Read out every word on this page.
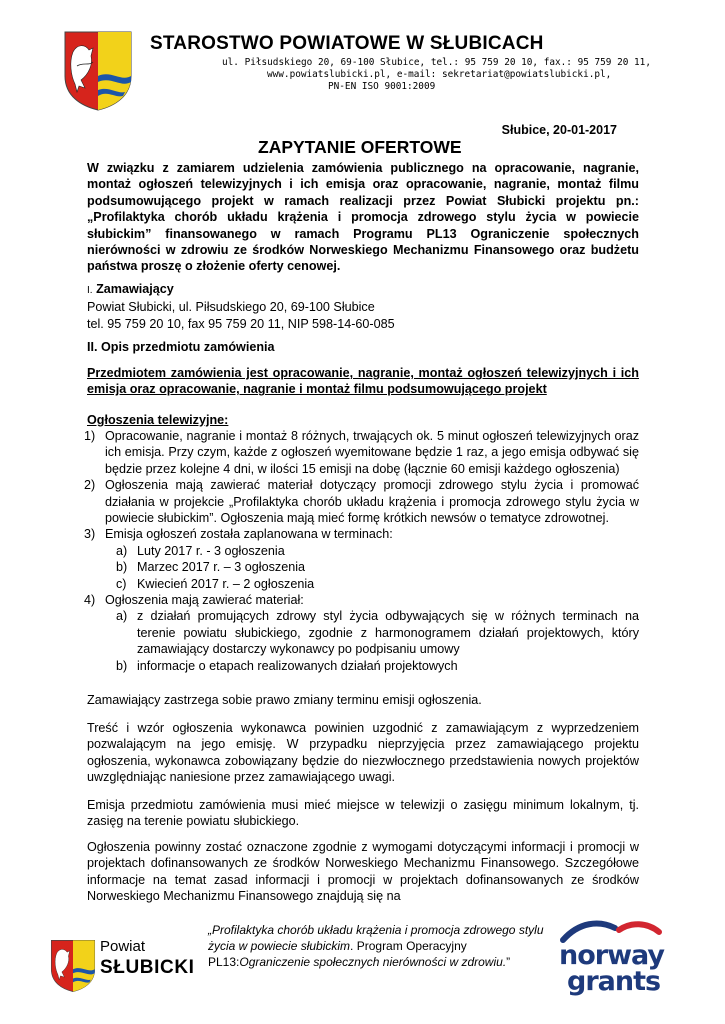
STAROSTWO POWIATOWE W SŁUBICACH
ul. Piłsudskiego 20, 69-100 Słubice, tel.: 95 759 20 10, fax.: 95 759 20 11,
www.powiatslubicki.pl, e-mail: sekretariat@powiatslubicki.pl,
PN-EN ISO 9001:2009
Słubice, 20-01-2017
ZAPYTANIE OFERTOWE
W związku z zamiarem udzielenia zamówienia publicznego na opracowanie, nagranie, montaż ogłoszeń telewizyjnych i ich emisja oraz opracowanie, nagranie, montaż filmu podsumowującego projekt w ramach realizacji przez Powiat Słubicki projektu pn.: „Profilaktyka chorób układu krążenia i promocja zdrowego stylu życia w powiecie słubickim” finansowanego w ramach Programu PL13 Ograniczenie społecznych nierówności w zdrowiu ze środków Norweskiego Mechanizmu Finansowego oraz budżetu państwa proszę o złożenie oferty cenowej.

I. Zamawiający

Powiat Słubicki, ul. Piłsudskiego 20, 69-100 Słubice

tel. 95 759 20 10, fax 95 759 20 11, NIP 598-14-60-085

II. Opis przedmiotu zamówienia
Przedmiotem zamówienia jest opracowanie, nagranie, montaż ogłoszeń telewizyjnych i ich emisja oraz opracowanie, nagranie i montaż filmu podsumowującego projekt
Ogłoszenia telewizyjne:
1) Opracowanie, nagranie i montaż 8 różnych, trwających ok. 5 minut ogłoszeń telewizyjnych oraz ich emisja. Przy czym, każde z ogłoszeń wyemitowane będzie 1 raz, a jego emisja odbywać się będzie przez kolejne 4 dni, w ilości 15 emisji na dobę (łącznie 60 emisji każdego ogłoszenia)
2) Ogłoszenia mają zawierać materiał dotyczący promocji zdrowego stylu życia i promować działania w projekcie „Profilaktyka chorób układu krążenia i promocja zdrowego stylu życia w powiecie słubickim”. Ogłoszenia mają mieć formę krótkich newsów o tematyce zdrowotnej.
3) Emisja ogłoszeń została zaplanowana w terminach:
a) Luty 2017 r. - 3 ogłoszenia
b) Marzec 2017 r. – 3 ogłoszenia
c) Kwiecień 2017 r. – 2 ogłoszenia
4) Ogłoszenia mają zawierać materiał:
a) z działań promujących zdrowy styl życia odbywających się w różnych terminach na terenie powiatu słubickiego, zgodnie z harmonogramem działań projektowych, który zamawiający dostarczy wykonawcy po podpisaniu umowy
b) informacje o etapach realizowanych działań projektowych
Zamawiający zastrzega sobie prawo zmiany terminu emisji ogłoszenia.
Treść i wzór ogłoszenia wykonawca powinien uzgodnić z zamawiającym z wyprzedzeniem pozwalającym na jego emisję. W przypadku nieprzyjęcia przez zamawiającego projektu ogłoszenia, wykonawca zobowiązany będzie do niezwłocznego przedstawienia nowych projektów uwzględniając naniesione przez zamawiającego uwagi.
Emisja przedmiotu zamówienia musi mieć miejsce w telewizji o zasięgu minimum lokalnym, tj. zasięg na terenie powiatu słubickiego.
Ogłoszenia powinny zostać oznaczone zgodnie z wymogami dotyczącymi informacji i promocji w projektach dofinansowanych ze środków Norweskiego Mechanizmu Finansowego. Szczegółowe informacje na temat zasad informacji i promocji w projektach dofinansowanych ze środków Norweskiego Mechanizmu Finansowego znajdują się na
Powiat
SŁUBICKI
„Profilaktyka chorób układu krążenia i promocja zdrowego stylu życia w powiecie słubickim. Program Operacyjny PL13:Ograniczenie społecznych nierówności w zdrowiu.”	norway
grants
